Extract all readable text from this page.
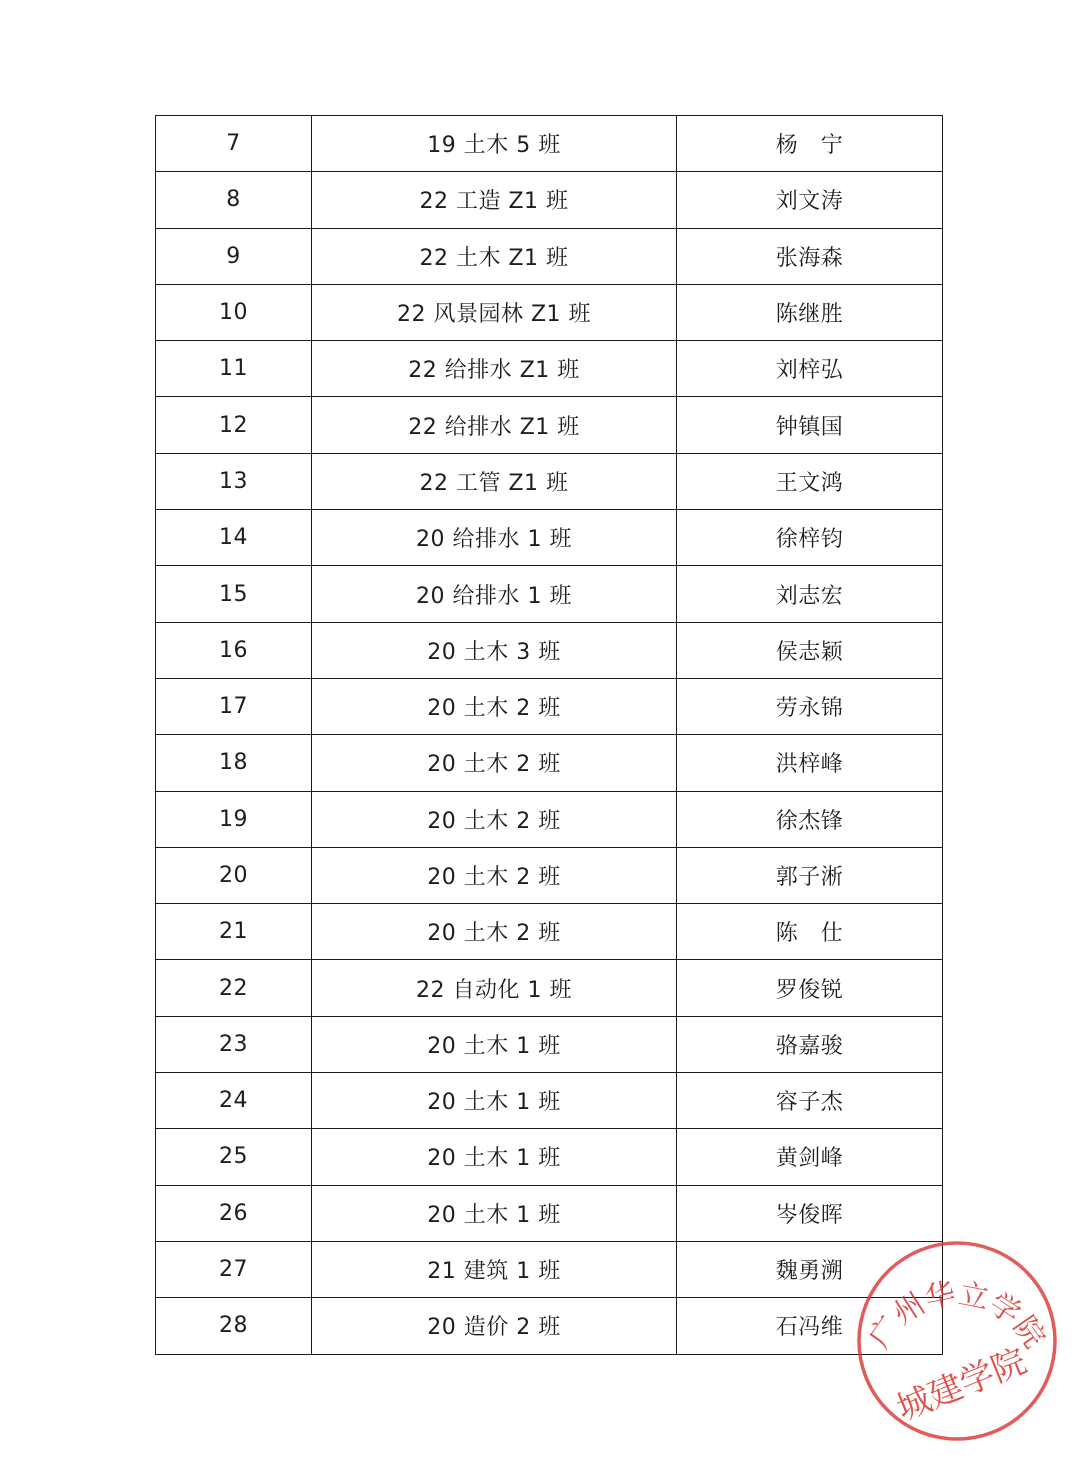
7	19 土木 5 班	杨　宁
8	22 工造 Z1 班	刘文涛
9	22 土木 Z1 班	张海森
10	22 风景园林 Z1 班	陈继胜
11	22 给排水 Z1 班	刘梓弘
12	22 给排水 Z1 班	钟镇国
13	22 工管 Z1 班	王文鸿
14	20 给排水 1 班	徐梓钧
15	20 给排水 1 班	刘志宏
16	20 土木 3 班	侯志颖
17	20 土木 2 班	劳永锦
18	20 土木 2 班	洪梓峰
19	20 土木 2 班	徐杰锋
20	20 土木 2 班	郭子淅
21	20 土木 2 班	陈　仕
22	22 自动化 1 班	罗俊锐
23	20 土木 1 班	骆嘉骏
24	20 土木 1 班	容子杰
25	20 土木 1 班	黄剑峰
26	20 土木 1 班	岑俊晖
27	21 建筑 1 班	魏勇溯
28	20 造价 2 班	石冯维 广州华立学院
城建学院
